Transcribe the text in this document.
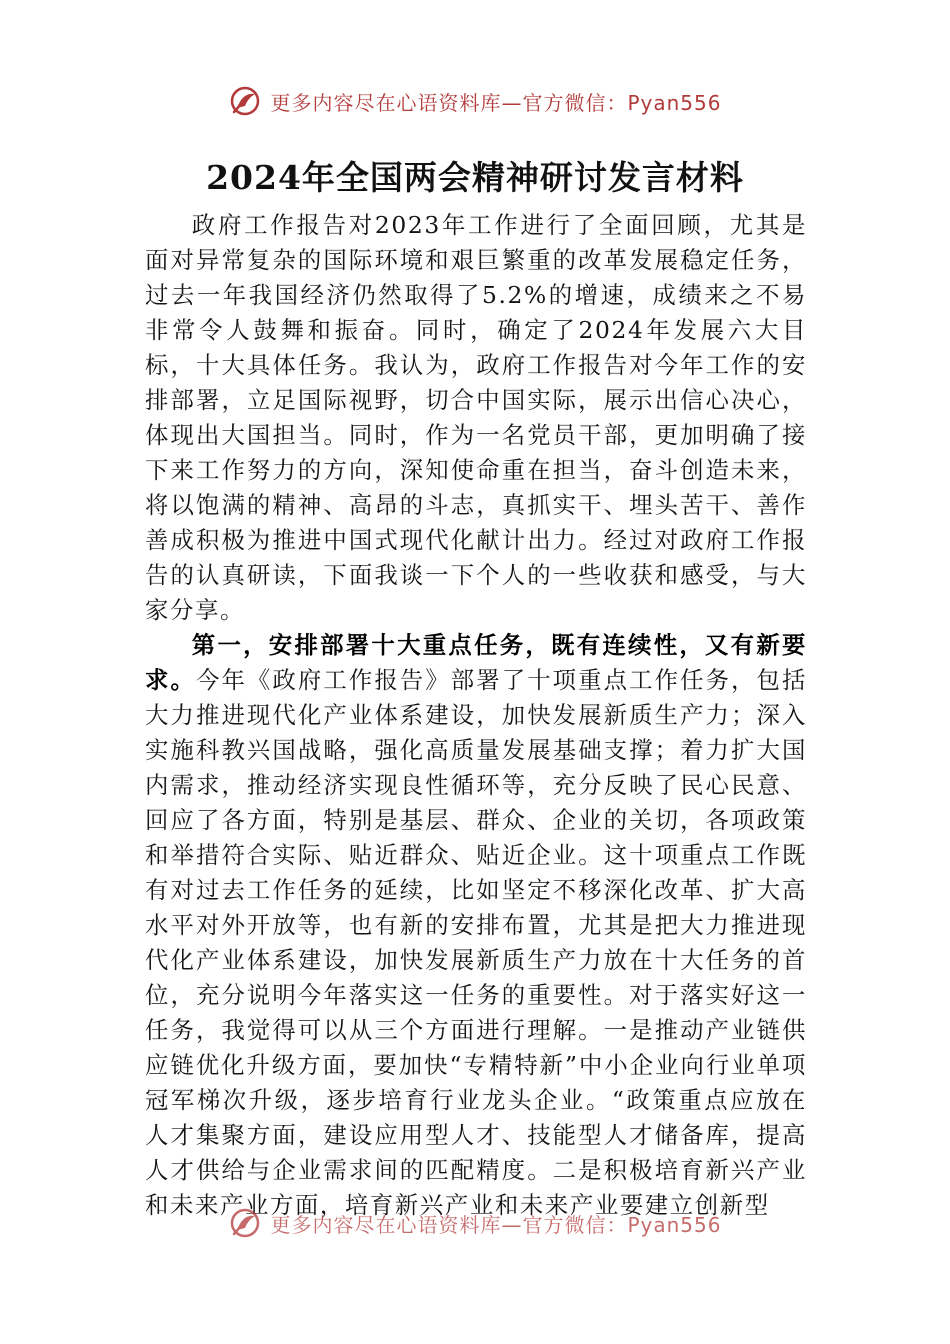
更多内容尽在心语资料库—官方微信：Pyan556
2024年全国两会精神研讨发言材料

政府工作报告对2023年工作进行了全面回顾，尤其是面对异常复杂的国际环境和艰巨繁重的改革发展稳定任务，过去一年我国经济仍然取得了5.2%的增速，成绩来之不易非常令人鼓舞和振奋。同时，确定了2024年发展六大目标，十大具体任务。我认为，政府工作报告对今年工作的安排部署，立足国际视野，切合中国实际，展示出信心决心，体现出大国担当。同时，作为一名党员干部，更加明确了接下来工作努力的方向，深知使命重在担当，奋斗创造未来，将以饱满的精神、高昂的斗志，真抓实干、埋头苦干、善作善成积极为推进中国式现代化献计出力。经过对政府工作报告的认真研读，下面我谈一下个人的一些收获和感受，与大家分享。

第一，安排部署十大重点任务，既有连续性，又有新要求。今年《政府工作报告》部署了十项重点工作任务，包括大力推进现代化产业体系建设，加快发展新质生产力；深入实施科教兴国战略，强化高质量发展基础支撑；着力扩大国内需求，推动经济实现良性循环等，充分反映了民心民意、回应了各方面，特别是基层、群众、企业的关切，各项政策和举措符合实际、贴近群众、贴近企业。这十项重点工作既有对过去工作任务的延续，比如坚定不移深化改革、扩大高水平对外开放等，也有新的安排布置，尤其是把大力推进现代化产业体系建设，加快发展新质生产力放在十大任务的首位，充分说明今年落实这一任务的重要性。对于落实好这一任务，我觉得可以从三个方面进行理解。一是推动产业链供应链优化升级方面，要加快“专精特新”中小企业向行业单项冠军梯次升级，逐步培育行业龙头企业。“政策重点应放在人才集聚方面，建设应用型人才、技能型人才储备库，提高人才供给与企业需求间的匹配精度。二是积极培育新兴产业和未来产业方面，培育新兴产业和未来产业要建立创新型

更多内容尽在心语资料库—官方微信：Pyan556
